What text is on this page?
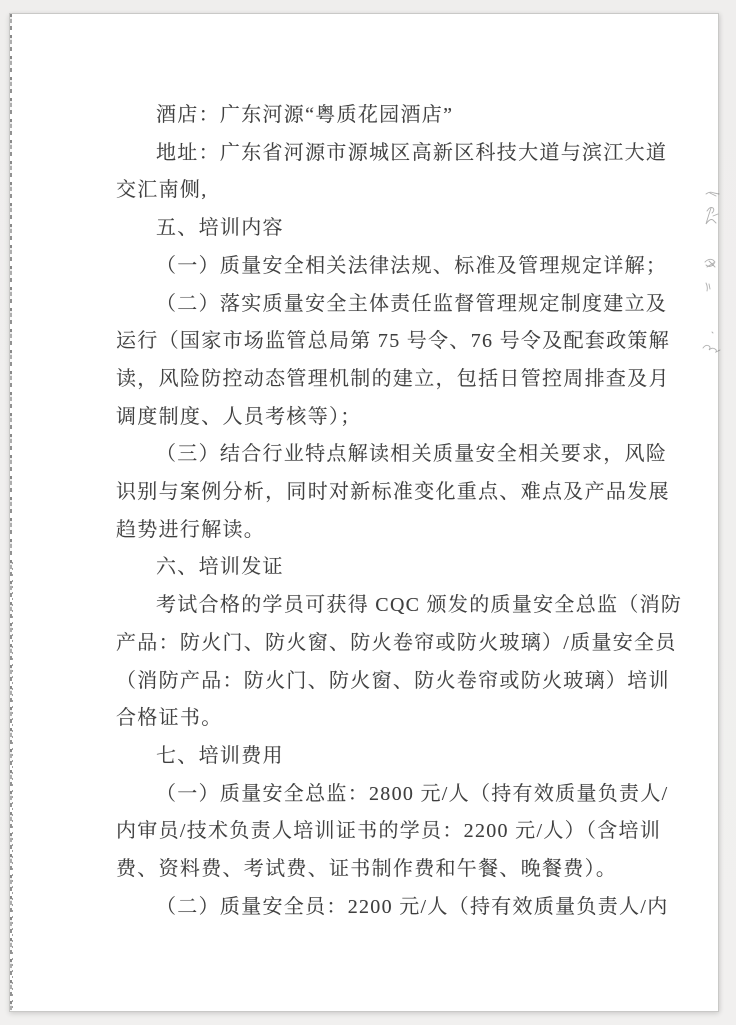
酒店：广东河源“粤质花园酒店”

地址：广东省河源市源城区高新区科技大道与滨江大道
交汇南侧,

五、培训内容

（一）质量安全相关法律法规、标准及管理规定详解；

（二）落实质量安全主体责任监督管理规定制度建立及
运行（国家市场监管总局第 75 号令、76 号令及配套政策解
读，风险防控动态管理机制的建立，包括日管控周排查及月
调度制度、人员考核等）；

（三）结合行业特点解读相关质量安全相关要求，风险
识别与案例分析，同时对新标准变化重点、难点及产品发展
趋势进行解读。

六、培训发证

考试合格的学员可获得 CQC 颁发的质量安全总监（消防
产品：防火门、防火窗、防火卷帘或防火玻璃）/质量安全员
（消防产品：防火门、防火窗、防火卷帘或防火玻璃）培训
合格证书。

七、培训费用

（一）质量安全总监：2800 元/人（持有效质量负责人/
内审员/技术负责人培训证书的学员：2200 元/人）（含培训
费、资料费、考试费、证书制作费和午餐、晚餐费）。

（二）质量安全员：2200 元/人（持有效质量负责人/内
